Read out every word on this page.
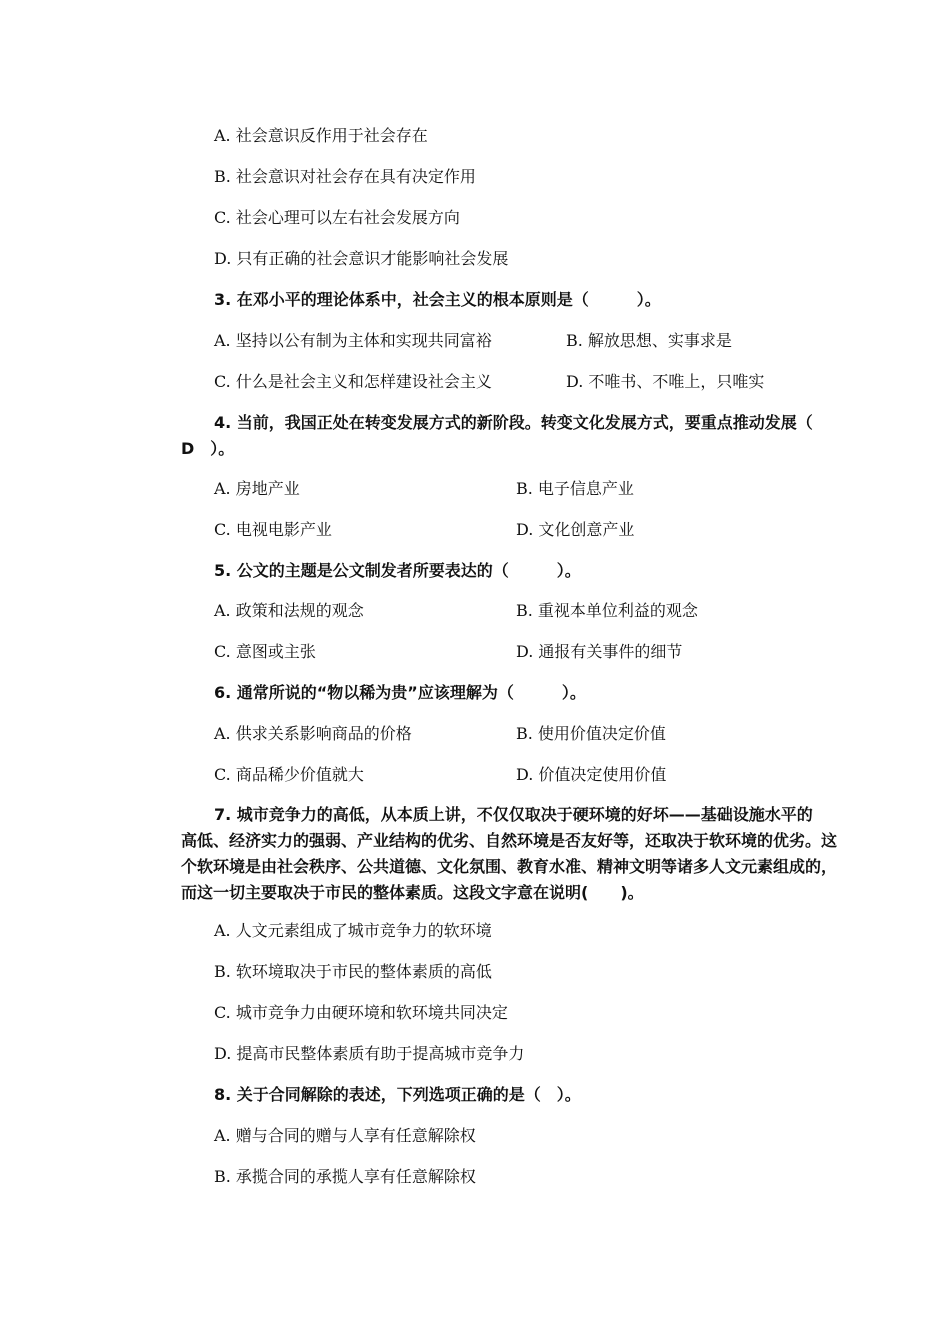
A. 社会意识反作用于社会存在
B. 社会意识对社会存在具有决定作用
C. 社会心理可以左右社会发展方向
D. 只有正确的社会意识才能影响社会发展
3. 在邓小平的理论体系中，社会主义的根本原则是（　　　）。
A. 坚持以公有制为主体和实现共同富裕	B. 解放思想、实事求是
C. 什么是社会主义和怎样建设社会主义	D. 不唯书、不唯上，只唯实
4. 当前，我国正处在转变发展方式的新阶段。转变文化发展方式，要重点推动发展（
D　）。
A. 房地产业	B. 电子信息产业
C. 电视电影产业	D. 文化创意产业
5. 公文的主题是公文制发者所要表达的（　　　）。
A. 政策和法规的观念	B. 重视本单位利益的观念
C. 意图或主张	D. 通报有关事件的细节
6. 通常所说的“物以稀为贵”应该理解为（　　　）。
A. 供求关系影响商品的价格	B. 使用价值决定价值
C. 商品稀少价值就大	D. 价值决定使用价值
7. 城市竞争力的高低，从本质上讲，不仅仅取决于硬环境的好坏——基础设施水平的
高低、经济实力的强弱、产业结构的优劣、自然环境是否友好等，还取决于软环境的优劣。这
个软环境是由社会秩序、公共道德、文化氛围、教育水准、精神文明等诸多人文元素组成的，
而这一切主要取决于市民的整体素质。这段文字意在说明(　　)。
A. 人文元素组成了城市竞争力的软环境
B. 软环境取决于市民的整体素质的高低
C. 城市竞争力由硬环境和软环境共同决定
D. 提高市民整体素质有助于提高城市竞争力
8. 关于合同解除的表述，下列选项正确的是（　）。
A. 赠与合同的赠与人享有任意解除权
B. 承揽合同的承揽人享有任意解除权
